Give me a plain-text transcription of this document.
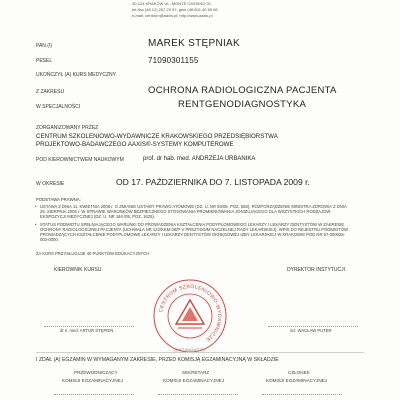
30-124 KRAKÓW UL. MONTE CASSINO 31
tel./fax (48 12) 267 29 67; gsm (48 601 40 65 06
e-mail: centrum@aaxis.pl; http://www.aaxis.pl
PAN (I)	MAREK STĘPNIAK
PESEL	71090301155
UKOŃCZYŁ (A) KURS MEDYCZNY
Z ZAKRESU	OCHRONA RADIOLOGICZNA PACJENTA
W SPECJALNOŚCI	RENTGENODIAGNOSTYKA
ZORGANIZOWANY PRZEZ
CENTRUM SZKOLENIOWO-WYDAWNICZE KRAKOWSKIEGO PRZEDSIĘBIORSTWA
PROJEKTOWO-BADAWCZEGO AAXIS®-SYSTEMY KOMPUTEROWE
POD KIEROWNICTWEM NAUKOWYM	prof. dr hab. med. ANDRZEJA URBANIKA
W OKRESIE	OD 17. PAŹDZIERNIKA DO 7. LISTOPADA 2009 r.
PODSTAWA PRAWNA:
• USTAWA Z DNIA 11. KWIETNIA 2008 r. O ZMIANIE USTAWY PRAWO ATOMOWE (DZ. U. NR 93/08, POZ. 583), ROZPORZĄDZENIE MINISTRA ZDROWIA Z DNIA 25. SIERPNIA 2005 r. W SPRAWIE WARUNKÓW BEZPIECZNEGO STOSOWANIA PROMIENIOWANIA JONIZUJĄCEGO DLA WSZYSTKICH RODZAJÓW EKSPOZYCJI MEDYCZNEJ (DZ. U. NR 194 /05, POZ. 1625).
• STATUS PODMIOTU SPEŁNIAJĄCEGO WARUNKI DO PROWADZENIA KSZTAŁCENIA PODYPLOMOWEGO LEKARZY I LEKARZY DENTYSTÓW W ZAKRESIE OCHRONY RADIOLOGICZNEJ PACJENTA (UCHWAŁA NR 122/KKM-08/P-V PREZYDIUM NACZELNEJ RADY LEKARSKIEJ), WPIS DO REJESTRU PODMIOTÓW PROWADZĄCYCH KSZTAŁCENIE PODYPLOMOWE LEKARZY I LEKARZY DENTYSTÓW OKRĘGOWEJ IZBY LEKARSKIEJ W KRAKOWIE POD NR 57-000025-003-0000.
ZA KURS PRZYSŁUGUJE 40 PUNKTÓW EDUKACYJNYCH
KIEROWNIK KURSU
dr n. med. ARTUR STĘPIEŃ
DYREKTOR INSTYTUCJI
inż. WACŁAW PUTER
CENTRUM SZKOLENIOWO-WYDAWNICZE
(ORGANIZATOR)
I ZDAŁ (A) EGZAMIN W WYMAGANYM ZAKRESIE, PRZED KOMISJĄ EGZAMINACYJNĄ W SKŁADZIE
PRZEWODNICZĄCY
KOMISJI EGZAMINACYJNEJ
SEKRETARZ
KOMISJI EGZAMINACYJNEJ
CZŁONEK
KOMISJI EGZAMINACYJNEJ
